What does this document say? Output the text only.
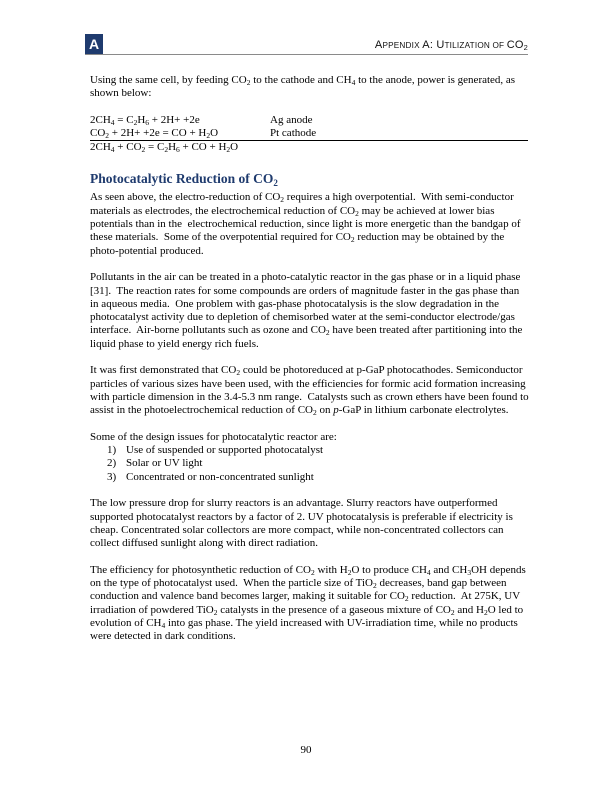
A	APPENDIX A: UTILIZATION OF $CO_2$

Using the same cell, by feeding $CO_2$ to the cathode and $CH_4$ to the anode, power is generated, as shown below:

$2CH_4 = C_2H_6 + 2H+ +2e$	Ag anode
$CO_2 + 2H+ +2e$ = CO + $H_2O$	Pt cathode
$2CH_4 + CO_2 = C_2H_6$ + CO + $H_2O$	
Photocatalytic Reduction of $CO_2$

As seen above, the electro-reduction of $CO_2$ requires a high overpotential.  With semi-conductor materials as electrodes, the electrochemical reduction of $CO_2$ may be achieved at lower bias potentials than in the  electrochemical reduction, since light is more energetic than the bandgap of these materials.  Some of the overpotential required for $CO_2$ reduction may be obtained by the photo-potential produced.

Pollutants in the air can be treated in a photo-catalytic reactor in the gas phase or in a liquid phase [31].  The reaction rates for some compounds are orders of magnitude faster in the gas phase than in aqueous media.  One problem with gas-phase photocatalysis is the slow degradation in the photocatalyst activity due to depletion of chemisorbed water at the semi-conductor electrode/gas interface.  Air-borne pollutants such as ozone and $CO_2$ have been treated after partitioning into the liquid phase to yield energy rich fuels.

It was first demonstrated that $CO_2$ could be photoreduced at p-GaP photocathodes. Semiconductor particles of various sizes have been used, with the efficiencies for formic acid formation increasing with particle dimension in the 3.4-5.3 nm range.  Catalysts such as crown ethers have been found to assist in the photoelectrochemical reduction of $CO_2$ on p-GaP in lithium carbonate electrolytes.

Some of the design issues for photocatalytic reactor are:

1) Use of suspended or supported photocatalyst
2) Solar or UV light
3) Concentrated or non-concentrated sunlight

The low pressure drop for slurry reactors is an advantage. Slurry reactors have outperformed supported photocatalyst reactors by a factor of 2. UV photocatalysis is preferable if electricity is cheap. Concentrated solar collectors are more compact, while non-concentrated collectors can collect diffused sunlight along with direct radiation.

The efficiency for photosynthetic reduction of $CO_2$ with $H_2O$ to produce $CH_4$ and $CH_3OH$ depends on the type of photocatalyst used.  When the particle size of TiO$_2$ decreases, band gap between conduction and valence band becomes larger, making it suitable for $CO_2$ reduction.  At 275K, UV irradiation of powdered TiO$_2$ catalysts in the presence of a gaseous mixture of $CO_2$ and $H_2O$ led to evolution of $CH_4$ into gas phase. The yield increased with UV-irradiation time, while no products were detected in dark conditions.

90
